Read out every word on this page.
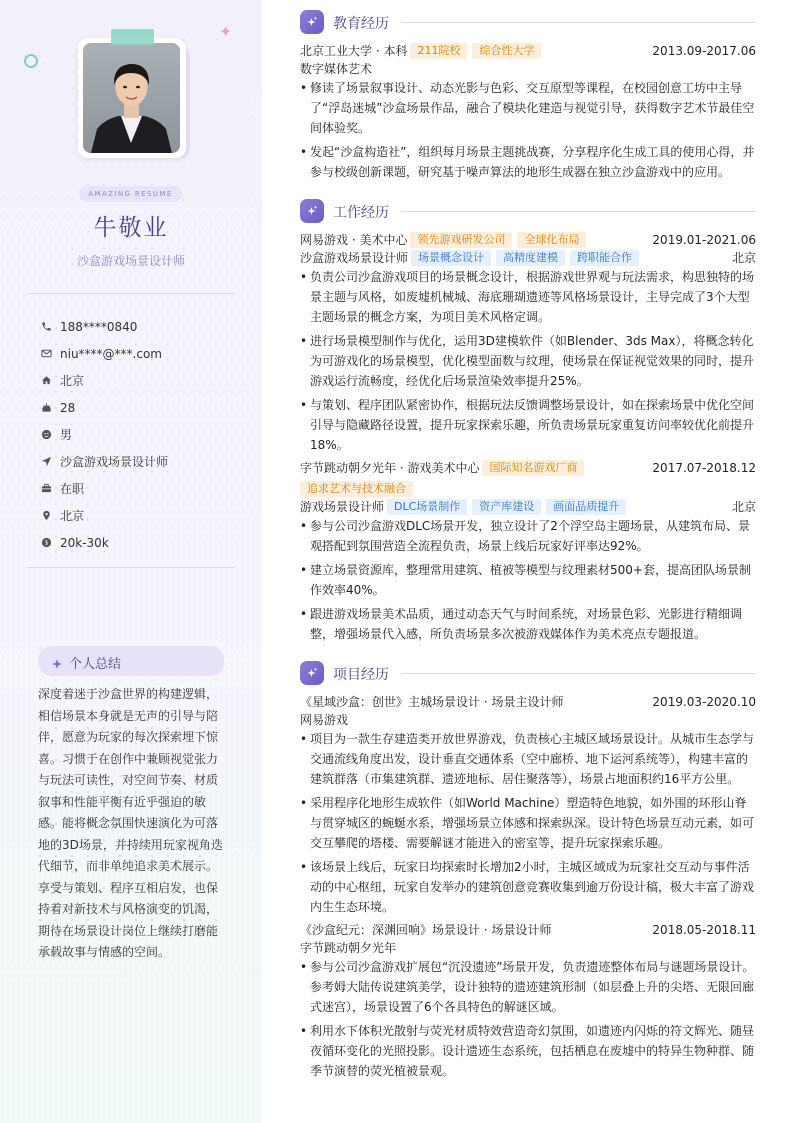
✦
AMAZING RESUME
牛敬业
沙盒游戏场景设计师
188****0840
niu****@***.com
北京
28
男
沙盒游戏场景设计师
在职
北京
$ 20k-30k
个人总结

深度着迷于沙盒世界的构建逻辑，相信场景本身就是无声的引导与陪伴，愿意为玩家的每次探索埋下惊喜。习惯于在创作中兼顾视觉张力与玩法可读性，对空间节奏、材质叙事和性能平衡有近乎强迫的敏感。能将概念氛围快速演化为可落地的3D场景，并持续用玩家视角迭代细节，而非单纯追求美术展示。享受与策划、程序互相启发，也保持着对新技术与风格演变的饥渴，期待在场景设计岗位上继续打磨能承载故事与情感的空间。

教育经历
北京工业大学 · 本科 211院校 综合性大学	2013.09-2017.06
数字媒体艺术
• 修读了场景叙事设计、动态光影与色彩、交互原型等课程，在校园创意工坊中主导了“浮岛迷城”沙盒场景作品，融合了模块化建造与视觉引导，获得数字艺术节最佳空间体验奖。
• 发起“沙盒构造社”，组织每月场景主题挑战赛，分享程序化生成工具的使用心得，并参与校级创新课题，研究基于噪声算法的地形生成器在独立沙盒游戏中的应用。
工作经历
网易游戏 · 美术中心 领先游戏研发公司 全球化布局	2019.01-2021.06
沙盒游戏场景设计师 场景概念设计 高精度建模 跨职能合作	北京
• 负责公司沙盒游戏项目的场景概念设计，根据游戏世界观与玩法需求，构思独特的场景主题与风格，如废墟机械城、海底珊瑚遗迹等风格场景设计，主导完成了3个大型主题场景的概念方案，为项目美术风格定调。
• 进行场景模型制作与优化，运用3D建模软件（如Blender、3ds Max），将概念转化为可游戏化的场景模型，优化模型面数与纹理，使场景在保证视觉效果的同时，提升游戏运行流畅度，经优化后场景渲染效率提升25%。
• 与策划、程序团队紧密协作，根据玩法反馈调整场景设计，如在探索场景中优化空间引导与隐藏路径设置，提升玩家探索乐趣，所负责场景玩家重复访问率较优化前提升18%。
字节跳动朝夕光年 · 游戏美术中心 国际知名游戏厂商	2017.07-2018.12
追求艺术与技术融合
游戏场景设计师 DLC场景制作 资产库建设 画面品质提升	北京
• 参与公司沙盒游戏DLC场景开发，独立设计了2个浮空岛主题场景，从建筑布局、景观搭配到氛围营造全流程负责，场景上线后玩家好评率达92%。
• 建立场景资源库，整理常用建筑、植被等模型与纹理素材500+套，提高团队场景制作效率40%。
• 跟进游戏场景美术品质，通过动态天气与时间系统，对场景色彩、光影进行精细调整，增强场景代入感，所负责场景多次被游戏媒体作为美术亮点专题报道。
项目经历
《星域沙盒：创世》主城场景设计 · 场景主设计师	2019.03-2020.10
网易游戏
• 项目为一款生存建造类开放世界游戏，负责核心主城区域场景设计。从城市生态学与交通流线角度出发，设计垂直交通体系（空中廊桥、地下运河系统等），构建丰富的建筑群落（市集建筑群、遗迹地标、居住聚落等），场景占地面积约16平方公里。
• 采用程序化地形生成软件（如World Machine）塑造特色地貌，如外围的环形山脊与贯穿城区的蜿蜒水系，增强场景立体感和探索纵深。设计特色场景互动元素，如可交互攀爬的塔楼、需要解谜才能进入的密室等，提升玩家探索乐趣。
• 该场景上线后，玩家日均探索时长增加2小时，主城区域成为玩家社交互动与事件活动的中心枢纽，玩家自发举办的建筑创意竞赛收集到逾万份设计稿，极大丰富了游戏内生生态环境。
《沙盒纪元：深渊回响》场景设计 · 场景设计师	2018.05-2018.11
字节跳动朝夕光年
• 参与公司沙盒游戏扩展包“沉没遗迹”场景开发，负责遗迹整体布局与谜题场景设计。参考姆大陆传说建筑美学，设计独特的遗迹建筑形制（如层叠上升的尖塔、无限回廊式迷宫），场景设置了6个各具特色的解谜区域。
• 利用水下体积光散射与荧光材质特效营造奇幻氛围，如遗迹内闪烁的符文辉光、随昼夜循环变化的光照投影。设计遗迹生态系统，包括栖息在废墟中的特异生物种群、随季节演替的荧光植被景观。
